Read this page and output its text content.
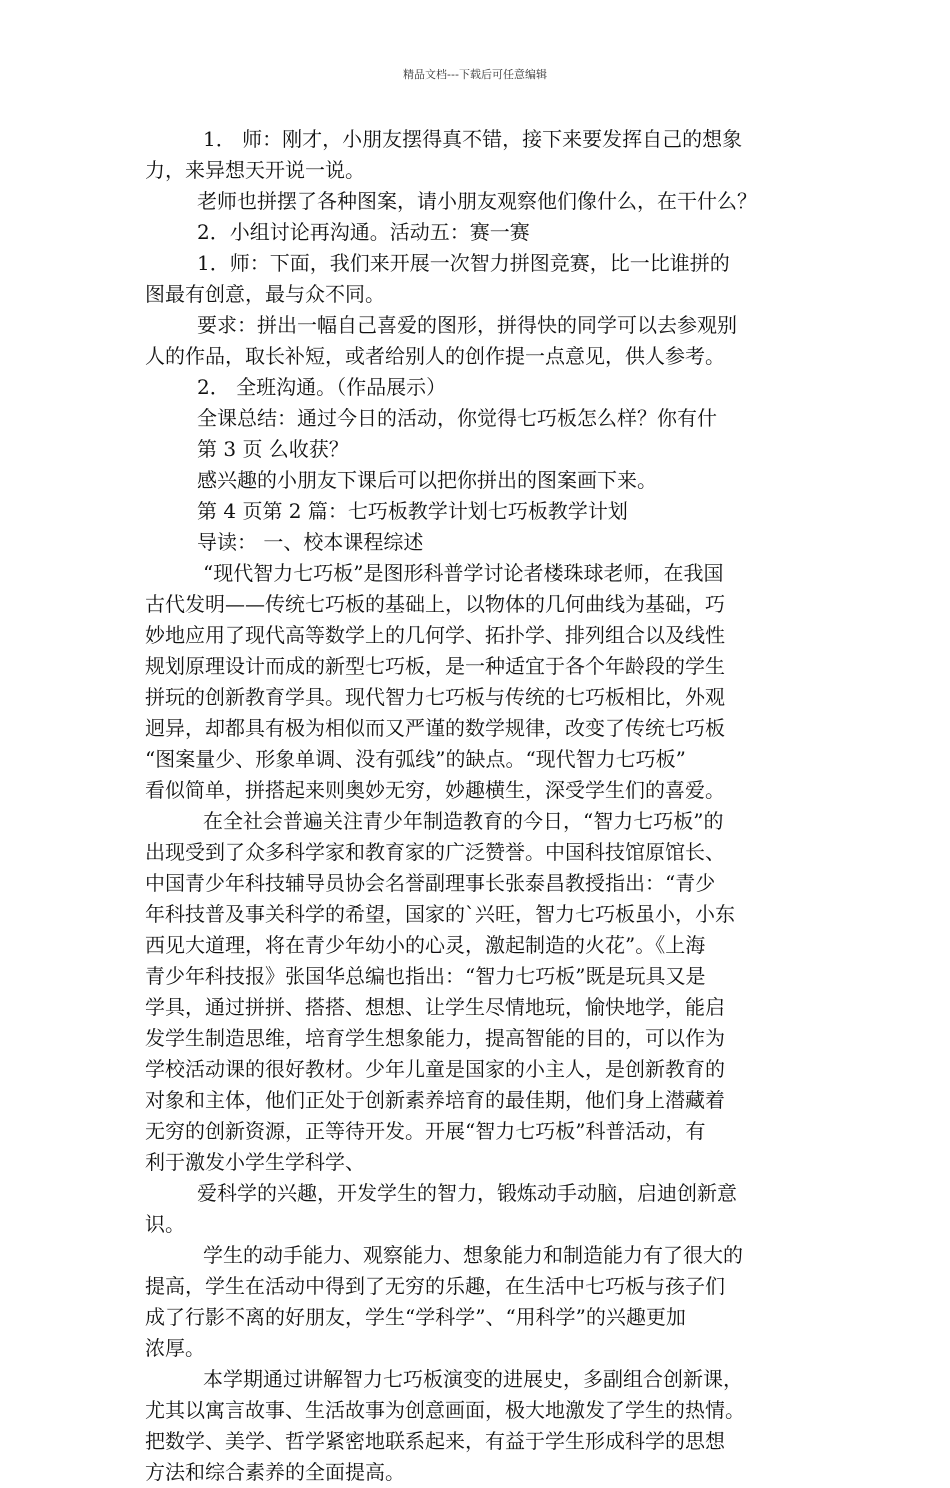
精品文档---下载后可任意编辑
1． 师：刚才，小朋友摆得真不错，接下来要发挥自己的想象
力，来异想天开说一说。
老师也拼摆了各种图案，请小朋友观察他们像什么，在干什么？
2．小组讨论再沟通。活动五：赛一赛
1．师：下面，我们来开展一次智力拼图竞赛，比一比谁拼的
图最有创意，最与众不同。
要求：拼出一幅自己喜爱的图形，拼得快的同学可以去参观别
人的作品，取长补短，或者给别人的创作提一点意见，供人参考。
2． 全班沟通。（作品展示）
全课总结：通过今日的活动，你觉得七巧板怎么样？你有什
第 3 页 么收获？
感兴趣的小朋友下课后可以把你拼出的图案画下来。
第 4 页第 2 篇：七巧板教学计划七巧板教学计划
导读： 一、校本课程综述
“现代智力七巧板”是图形科普学讨论者楼珠球老师，在我国
古代发明——传统七巧板的基础上，以物体的几何曲线为基础，巧
妙地应用了现代高等数学上的几何学、拓扑学、排列组合以及线性
规划原理设计而成的新型七巧板，是一种适宜于各个年龄段的学生
拼玩的创新教育学具。现代智力七巧板与传统的七巧板相比，外观
迥异，却都具有极为相似而又严谨的数学规律，改变了传统七巧板
“图案量少、形象单调、没有弧线”的缺点。“现代智力七巧板”
看似简单，拼搭起来则奥妙无穷，妙趣横生，深受学生们的喜爱。
在全社会普遍关注青少年制造教育的今日，“智力七巧板”的
出现受到了众多科学家和教育家的广泛赞誉。中国科技馆原馆长、
中国青少年科技辅导员协会名誉副理事长张泰昌教授指出：“青少
年科技普及事关科学的希望，国家的`兴旺，智力七巧板虽小，小东
西见大道理，将在青少年幼小的心灵，激起制造的火花”。《上海
青少年科技报》张国华总编也指出：“智力七巧板”既是玩具又是
学具，通过拼拼、搭搭、想想、让学生尽情地玩，愉快地学，能启
发学生制造思维，培育学生想象能力，提高智能的目的，可以作为
学校活动课的很好教材。少年儿童是国家的小主人，是创新教育的
对象和主体，他们正处于创新素养培育的最佳期，他们身上潜藏着
无穷的创新资源，正等待开发。开展“智力七巧板”科普活动，有
利于激发小学生学科学、
爱科学的兴趣，开发学生的智力，锻炼动手动脑，启迪创新意
识。
学生的动手能力、观察能力、想象能力和制造能力有了很大的
提高，学生在活动中得到了无穷的乐趣，在生活中七巧板与孩子们
成了行影不离的好朋友，学生“学科学”、“用科学”的兴趣更加
浓厚。
本学期通过讲解智力七巧板演变的进展史，多副组合创新课，
尤其以寓言故事、生活故事为创意画面，极大地激发了学生的热情。
把数学、美学、哲学紧密地联系起来，有益于学生形成科学的思想
方法和综合素养的全面提高。
